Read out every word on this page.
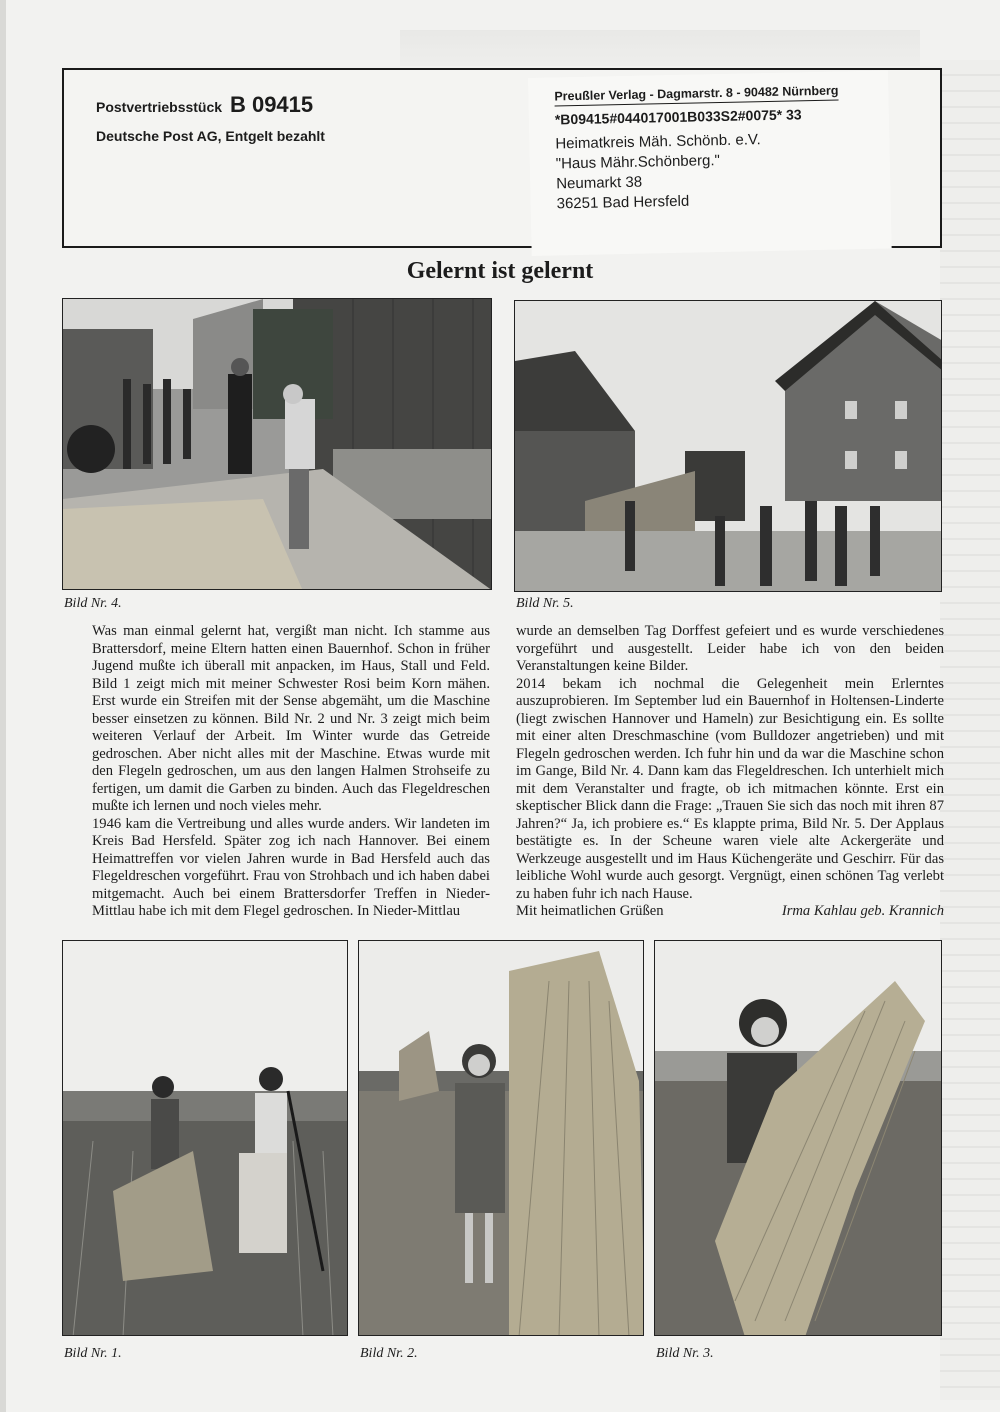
Postvertriebsstück B 09415
Deutsche Post AG, Entgelt bezahlt
Preußler Verlag - Dagmarstr. 8 - 90482 Nürnberg
*B09415#044017001B033S2#0075* 33
Heimatkreis Mäh. Schönb. e.V.
"Haus Mähr.Schönberg."
Neumarkt 38
36251 Bad Hersfeld
Gelernt ist gelernt
Bild Nr. 4.	Bild Nr. 5.

Was man einmal gelernt hat, vergißt man nicht. Ich stamme aus Brattersdorf, meine Eltern hatten einen Bauernhof. Schon in früher Jugend mußte ich überall mit anpacken, im Haus, Stall und Feld. Bild 1 zeigt mich mit meiner Schwester Rosi beim Korn mähen. Erst wurde ein Streifen mit der Sense abgemäht, um die Maschine besser einsetzen zu können. Bild Nr. 2 und Nr. 3 zeigt mich beim weiteren Verlauf der Arbeit. Im Winter wurde das Getreide gedroschen. Aber nicht alles mit der Maschine. Etwas wurde mit den Flegeln gedroschen, um aus den langen Halmen Strohseife zu fertigen, um damit die Garben zu binden. Auch das Flegeldreschen mußte ich lernen und noch vieles mehr.

1946 kam die Vertreibung und alles wurde anders. Wir landeten im Kreis Bad Hersfeld. Später zog ich nach Hannover. Bei einem Heimattreffen vor vielen Jahren wurde in Bad Hersfeld auch das Flegeldreschen vorgeführt. Frau von Strohbach und ich haben dabei mitgemacht. Auch bei einem Brattersdorfer Treffen in Nieder-Mittlau habe ich mit dem Flegel gedroschen. In Nieder-Mittlau

wurde an demselben Tag Dorffest gefeiert und es wurde verschiedenes vorgeführt und ausgestellt. Leider habe ich von den beiden Veranstaltungen keine Bilder.

2014 bekam ich nochmal die Gelegenheit mein Erlerntes auszuprobieren. Im September lud ein Bauernhof in Holtensen-Linderte (liegt zwischen Hannover und Hameln) zur Besichtigung ein. Es sollte mit einer alten Dreschmaschine (vom Bulldozer angetrieben) und mit Flegeln gedroschen werden. Ich fuhr hin und da war die Maschine schon im Gange, Bild Nr. 4. Dann kam das Flegeldreschen. Ich unterhielt mich mit dem Veranstalter und fragte, ob ich mitmachen könnte. Erst ein skeptischer Blick dann die Frage: „Trauen Sie sich das noch mit ihren 87 Jahren?“ Ja, ich probiere es.“ Es klappte prima, Bild Nr. 5. Der Applaus bestätigte es. In der Scheune waren viele alte Ackergeräte und Werkzeuge ausgestellt und im Haus Küchengeräte und Geschirr. Für das leibliche Wohl wurde auch gesorgt. Vergnügt, einen schönen Tag verlebt zu haben fuhr ich nach Hause.

Mit heimatlichen Grüßen	Irma Kahlau geb. Krannich
Bild Nr. 1.	Bild Nr. 2.	Bild Nr. 3.
